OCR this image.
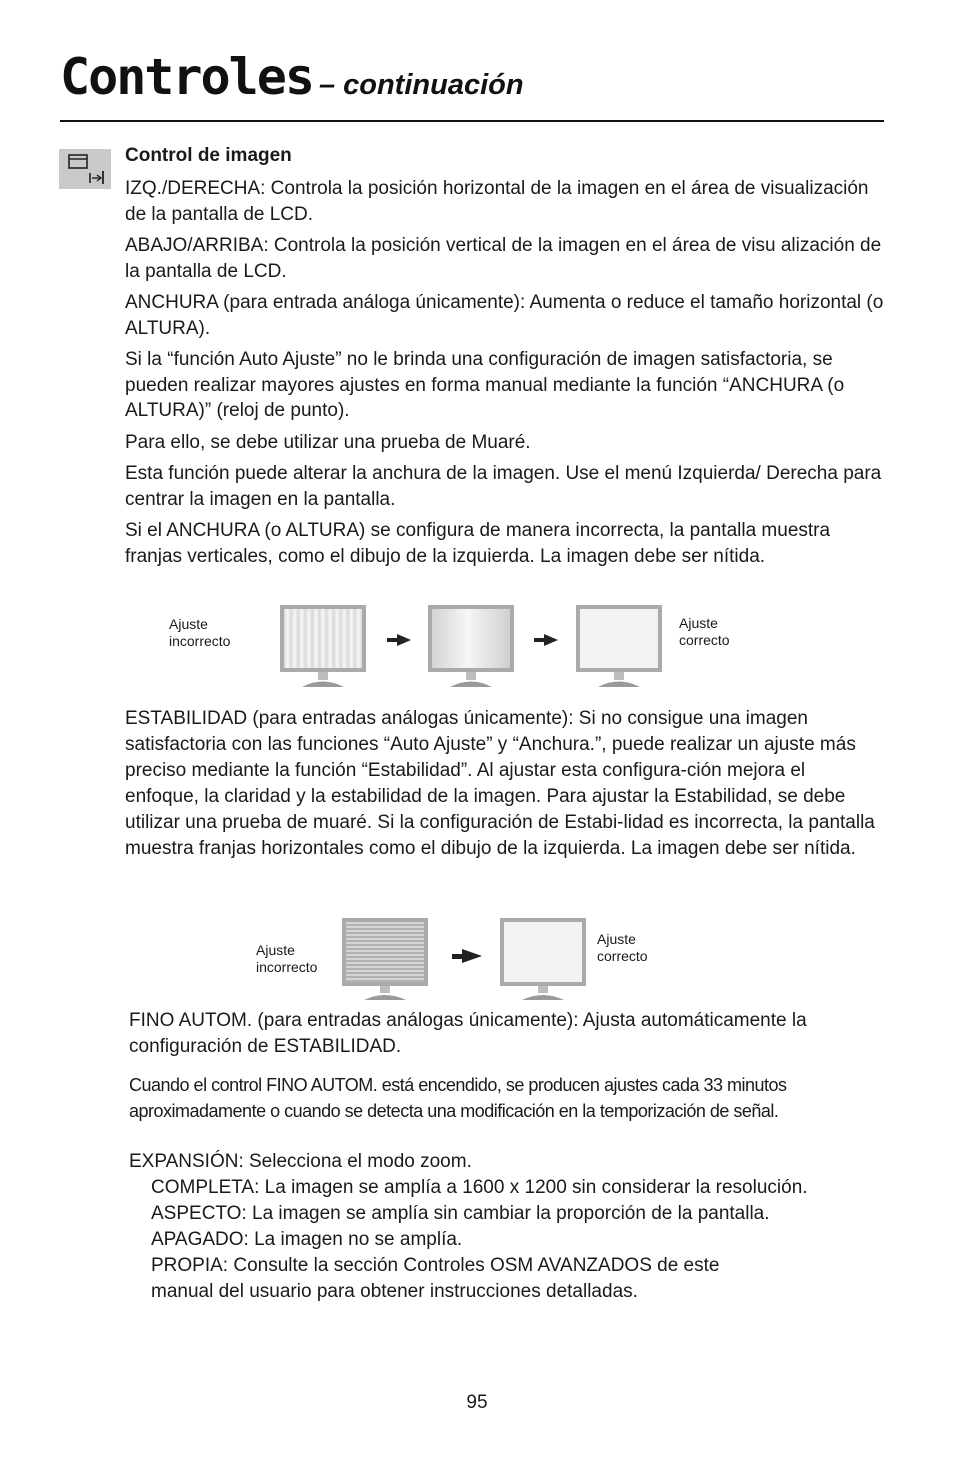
Controles – continuación
Control de imagen

IZQ./DERECHA: Controla la posición horizontal de la imagen en el área de visualización de la pantalla de LCD.

ABAJO/ARRIBA: Controla la posición vertical de la imagen en el área de visu alización de la pantalla de LCD.

ANCHURA (para entrada análoga únicamente): Aumenta o reduce el tamaño horizontal (o ALTURA).

Si la “función Auto Ajuste” no le brinda una configuración de imagen satisfactoria, se pueden realizar mayores ajustes en forma manual mediante la función “ANCHURA (o ALTURA)” (reloj de punto).

Para ello, se debe utilizar una prueba de Muaré.

Esta función puede alterar la anchura de la imagen. Use el menú Izquierda/ Derecha para centrar la imagen en la pantalla.

Si el ANCHURA (o ALTURA) se configura de manera incorrecta, la pantalla muestra franjas verticales, como el dibujo de la izquierda. La imagen debe ser nítida.

Ajuste
incorrecto
Ajuste
correcto
ESTABILIDAD (para entradas análogas únicamente): Si no consigue una imagen satisfactoria con las funciones “Auto Ajuste” y “Anchura.”, puede realizar un ajuste más preciso mediante la función “Estabilidad”. Al ajustar esta configura-ción mejora el enfoque, la claridad y la estabilidad de la imagen. Para ajustar la Estabilidad, se debe utilizar una prueba de muaré. Si la configuración de Estabi-lidad es incorrecta, la pantalla muestra franjas horizontales como el dibujo de la izquierda. La imagen debe ser nítida.
Ajuste
incorrecto
Ajuste
correcto
FINO AUTOM. (para entradas análogas únicamente): Ajusta automáticamente la configuración de ESTABILIDAD.
Cuando el control FINO AUTOM. está encendido, se producen ajustes cada 33 minutos aproximadamente o cuando se detecta una modificación en la temporización de señal.
EXPANSIÓN: Selecciona el modo zoom.
COMPLETA: La imagen se amplía a 1600 x 1200 sin considerar la resolución.
ASPECTO: La imagen se amplía sin cambiar la proporción de la pantalla.
APAGADO: La imagen no se amplía.
PROPIA: Consulte la sección Controles OSM AVANZADOS de este manual del usuario para obtener instrucciones detalladas.
95
